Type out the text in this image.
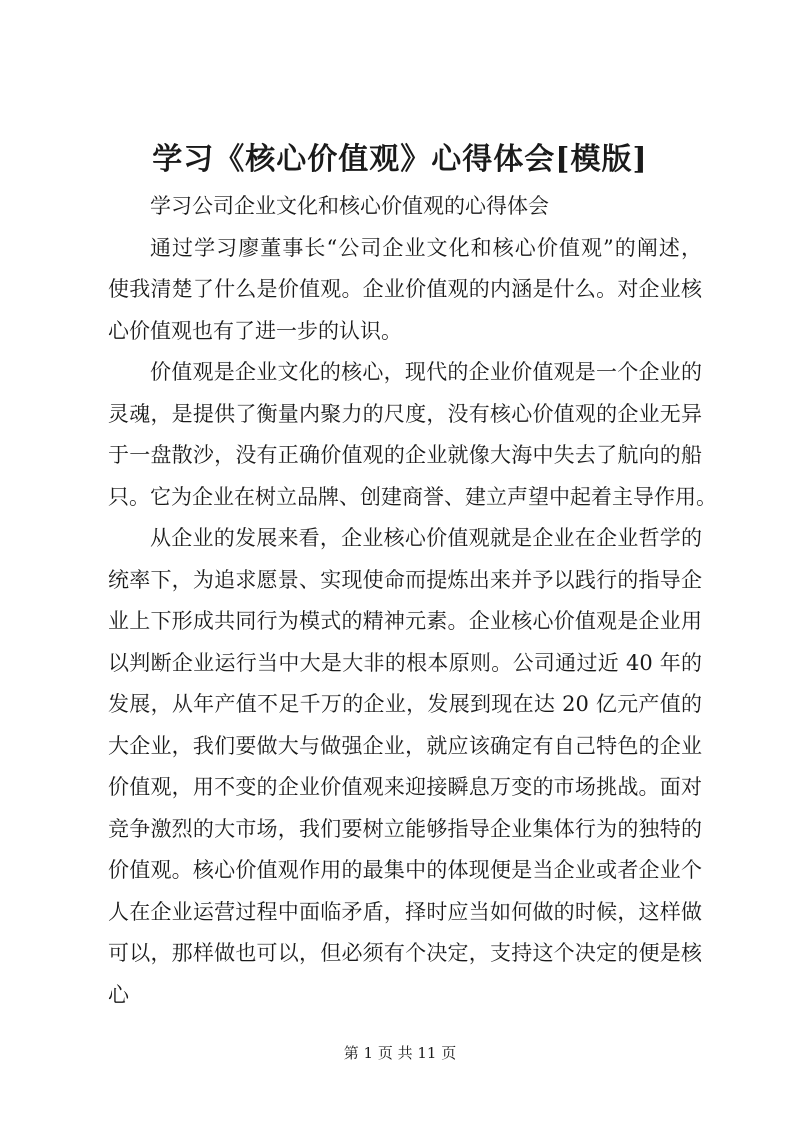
学习《核心价值观》心得体会[模版]
学习公司企业文化和核心价值观的心得体会
通过学习廖董事长“公司企业文化和核心价值观”的阐述，
使我清楚了什么是价值观。企业价值观的内涵是什么。对企业核
心价值观也有了进一步的认识。
价值观是企业文化的核心，现代的企业价值观是一个企业的
灵魂，是提供了衡量内聚力的尺度，没有核心价值观的企业无异
于一盘散沙，没有正确价值观的企业就像大海中失去了航向的船
只。它为企业在树立品牌、创建商誉、建立声望中起着主导作用。
从企业的发展来看，企业核心价值观就是企业在企业哲学的
统率下，为追求愿景、实现使命而提炼出来并予以践行的指导企
业上下形成共同行为模式的精神元素。企业核心价值观是企业用
以判断企业运行当中大是大非的根本原则。公司通过近 40 年的
发展，从年产值不足千万的企业，发展到现在达 20 亿元产值的
大企业，我们要做大与做强企业，就应该确定有自己特色的企业
价值观，用不变的企业价值观来迎接瞬息万变的市场挑战。面对
竞争激烈的大市场，我们要树立能够指导企业集体行为的独特的
价值观。核心价值观作用的最集中的体现便是当企业或者企业个
人在企业运营过程中面临矛盾，择时应当如何做的时候，这样做
可以，那样做也可以，但必须有个决定，支持这个决定的便是核
心
第 1 页 共 11 页
